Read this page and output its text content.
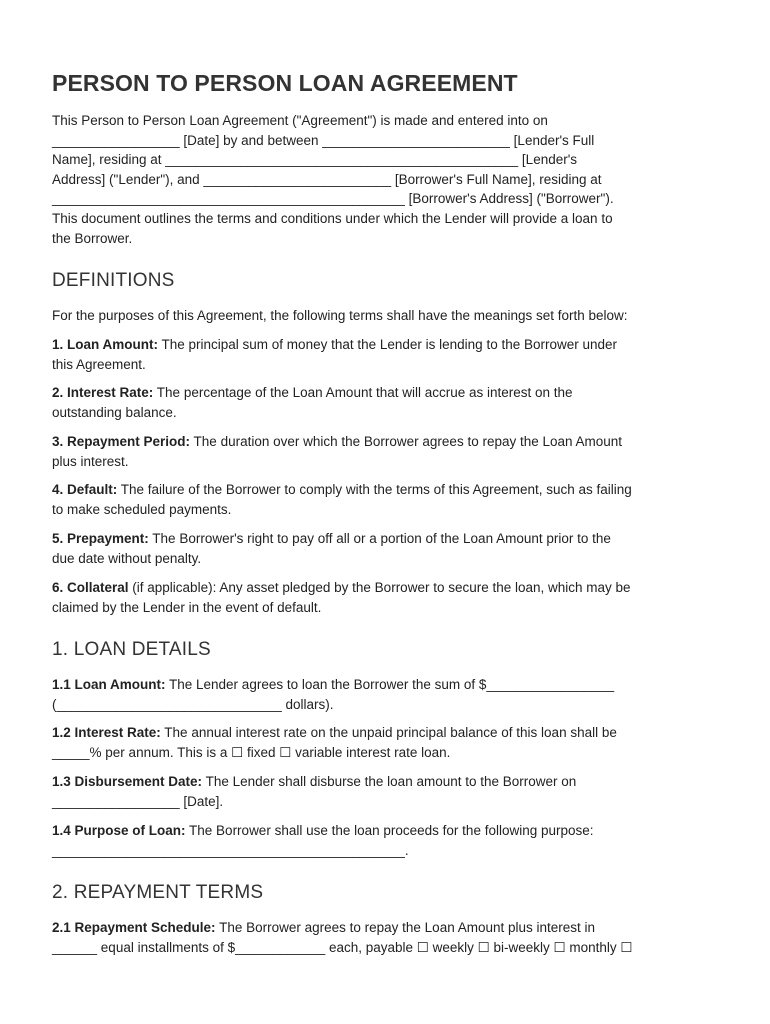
PERSON TO PERSON LOAN AGREEMENT

This Person to Person Loan Agreement ("Agreement") is made and entered into on
_________________ [Date] by and between _________________________ [Lender's Full
Name], residing at _______________________________________________ [Lender's
Address] ("Lender"), and _________________________ [Borrower's Full Name], residing at
_______________________________________________ [Borrower's Address] ("Borrower").
This document outlines the terms and conditions under which the Lender will provide a loan to
the Borrower.

DEFINITIONS

For the purposes of this Agreement, the following terms shall have the meanings set forth below:

1. Loan Amount: The principal sum of money that the Lender is lending to the Borrower under
this Agreement.

2. Interest Rate: The percentage of the Loan Amount that will accrue as interest on the
outstanding balance.

3. Repayment Period: The duration over which the Borrower agrees to repay the Loan Amount
plus interest.

4. Default: The failure of the Borrower to comply with the terms of this Agreement, such as failing
to make scheduled payments.

5. Prepayment: The Borrower's right to pay off all or a portion of the Loan Amount prior to the
due date without penalty.

6. Collateral (if applicable): Any asset pledged by the Borrower to secure the loan, which may be
claimed by the Lender in the event of default.

1. LOAN DETAILS

1.1 Loan Amount: The Lender agrees to loan the Borrower the sum of $_________________
(______________________________ dollars).

1.2 Interest Rate: The annual interest rate on the unpaid principal balance of this loan shall be
_____% per annum. This is a ☐ fixed ☐ variable interest rate loan.

1.3 Disbursement Date: The Lender shall disburse the loan amount to the Borrower on
_________________ [Date].

1.4 Purpose of Loan: The Borrower shall use the loan proceeds for the following purpose:
_______________________________________________.

2. REPAYMENT TERMS

2.1 Repayment Schedule: The Borrower agrees to repay the Loan Amount plus interest in
______ equal installments of $____________ each, payable ☐ weekly ☐ bi-weekly ☐ monthly ☐
